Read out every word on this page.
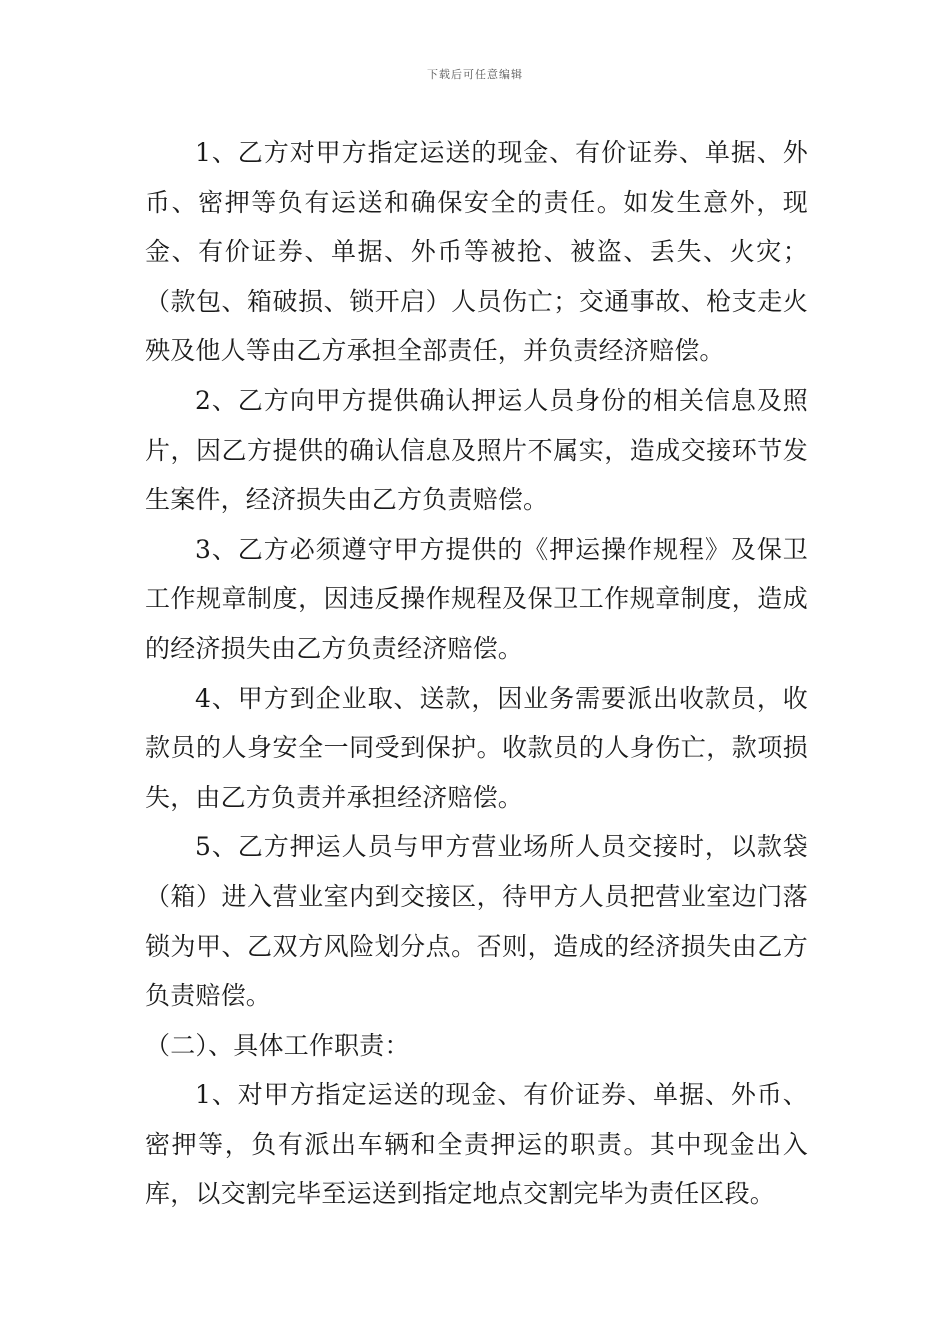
下载后可任意编辑

1、乙方对甲方指定运送的现金、有价证券、单据、外币、密押等负有运送和确保安全的责任。如发生意外，现金、有价证券、单据、外币等被抢、被盗、丢失、火灾；（款包、箱破损、锁开启）人员伤亡；交通事故、枪支走火殃及他人等由乙方承担全部责任，并负责经济赔偿。

2、乙方向甲方提供确认押运人员身份的相关信息及照片，因乙方提供的确认信息及照片不属实，造成交接环节发生案件，经济损失由乙方负责赔偿。

3、乙方必须遵守甲方提供的《押运操作规程》及保卫工作规章制度，因违反操作规程及保卫工作规章制度，造成的经济损失由乙方负责经济赔偿。

4、甲方到企业取、送款，因业务需要派出收款员，收款员的人身安全一同受到保护。收款员的人身伤亡，款项损失，由乙方负责并承担经济赔偿。

5、乙方押运人员与甲方营业场所人员交接时，以款袋（箱）进入营业室内到交接区，待甲方人员把营业室边门落锁为甲、乙双方风险划分点。否则，造成的经济损失由乙方负责赔偿。

（二）、具体工作职责：

1、对甲方指定运送的现金、有价证券、单据、外币、密押等，负有派出车辆和全责押运的职责。其中现金出入库，以交割完毕至运送到指定地点交割完毕为责任区段。
